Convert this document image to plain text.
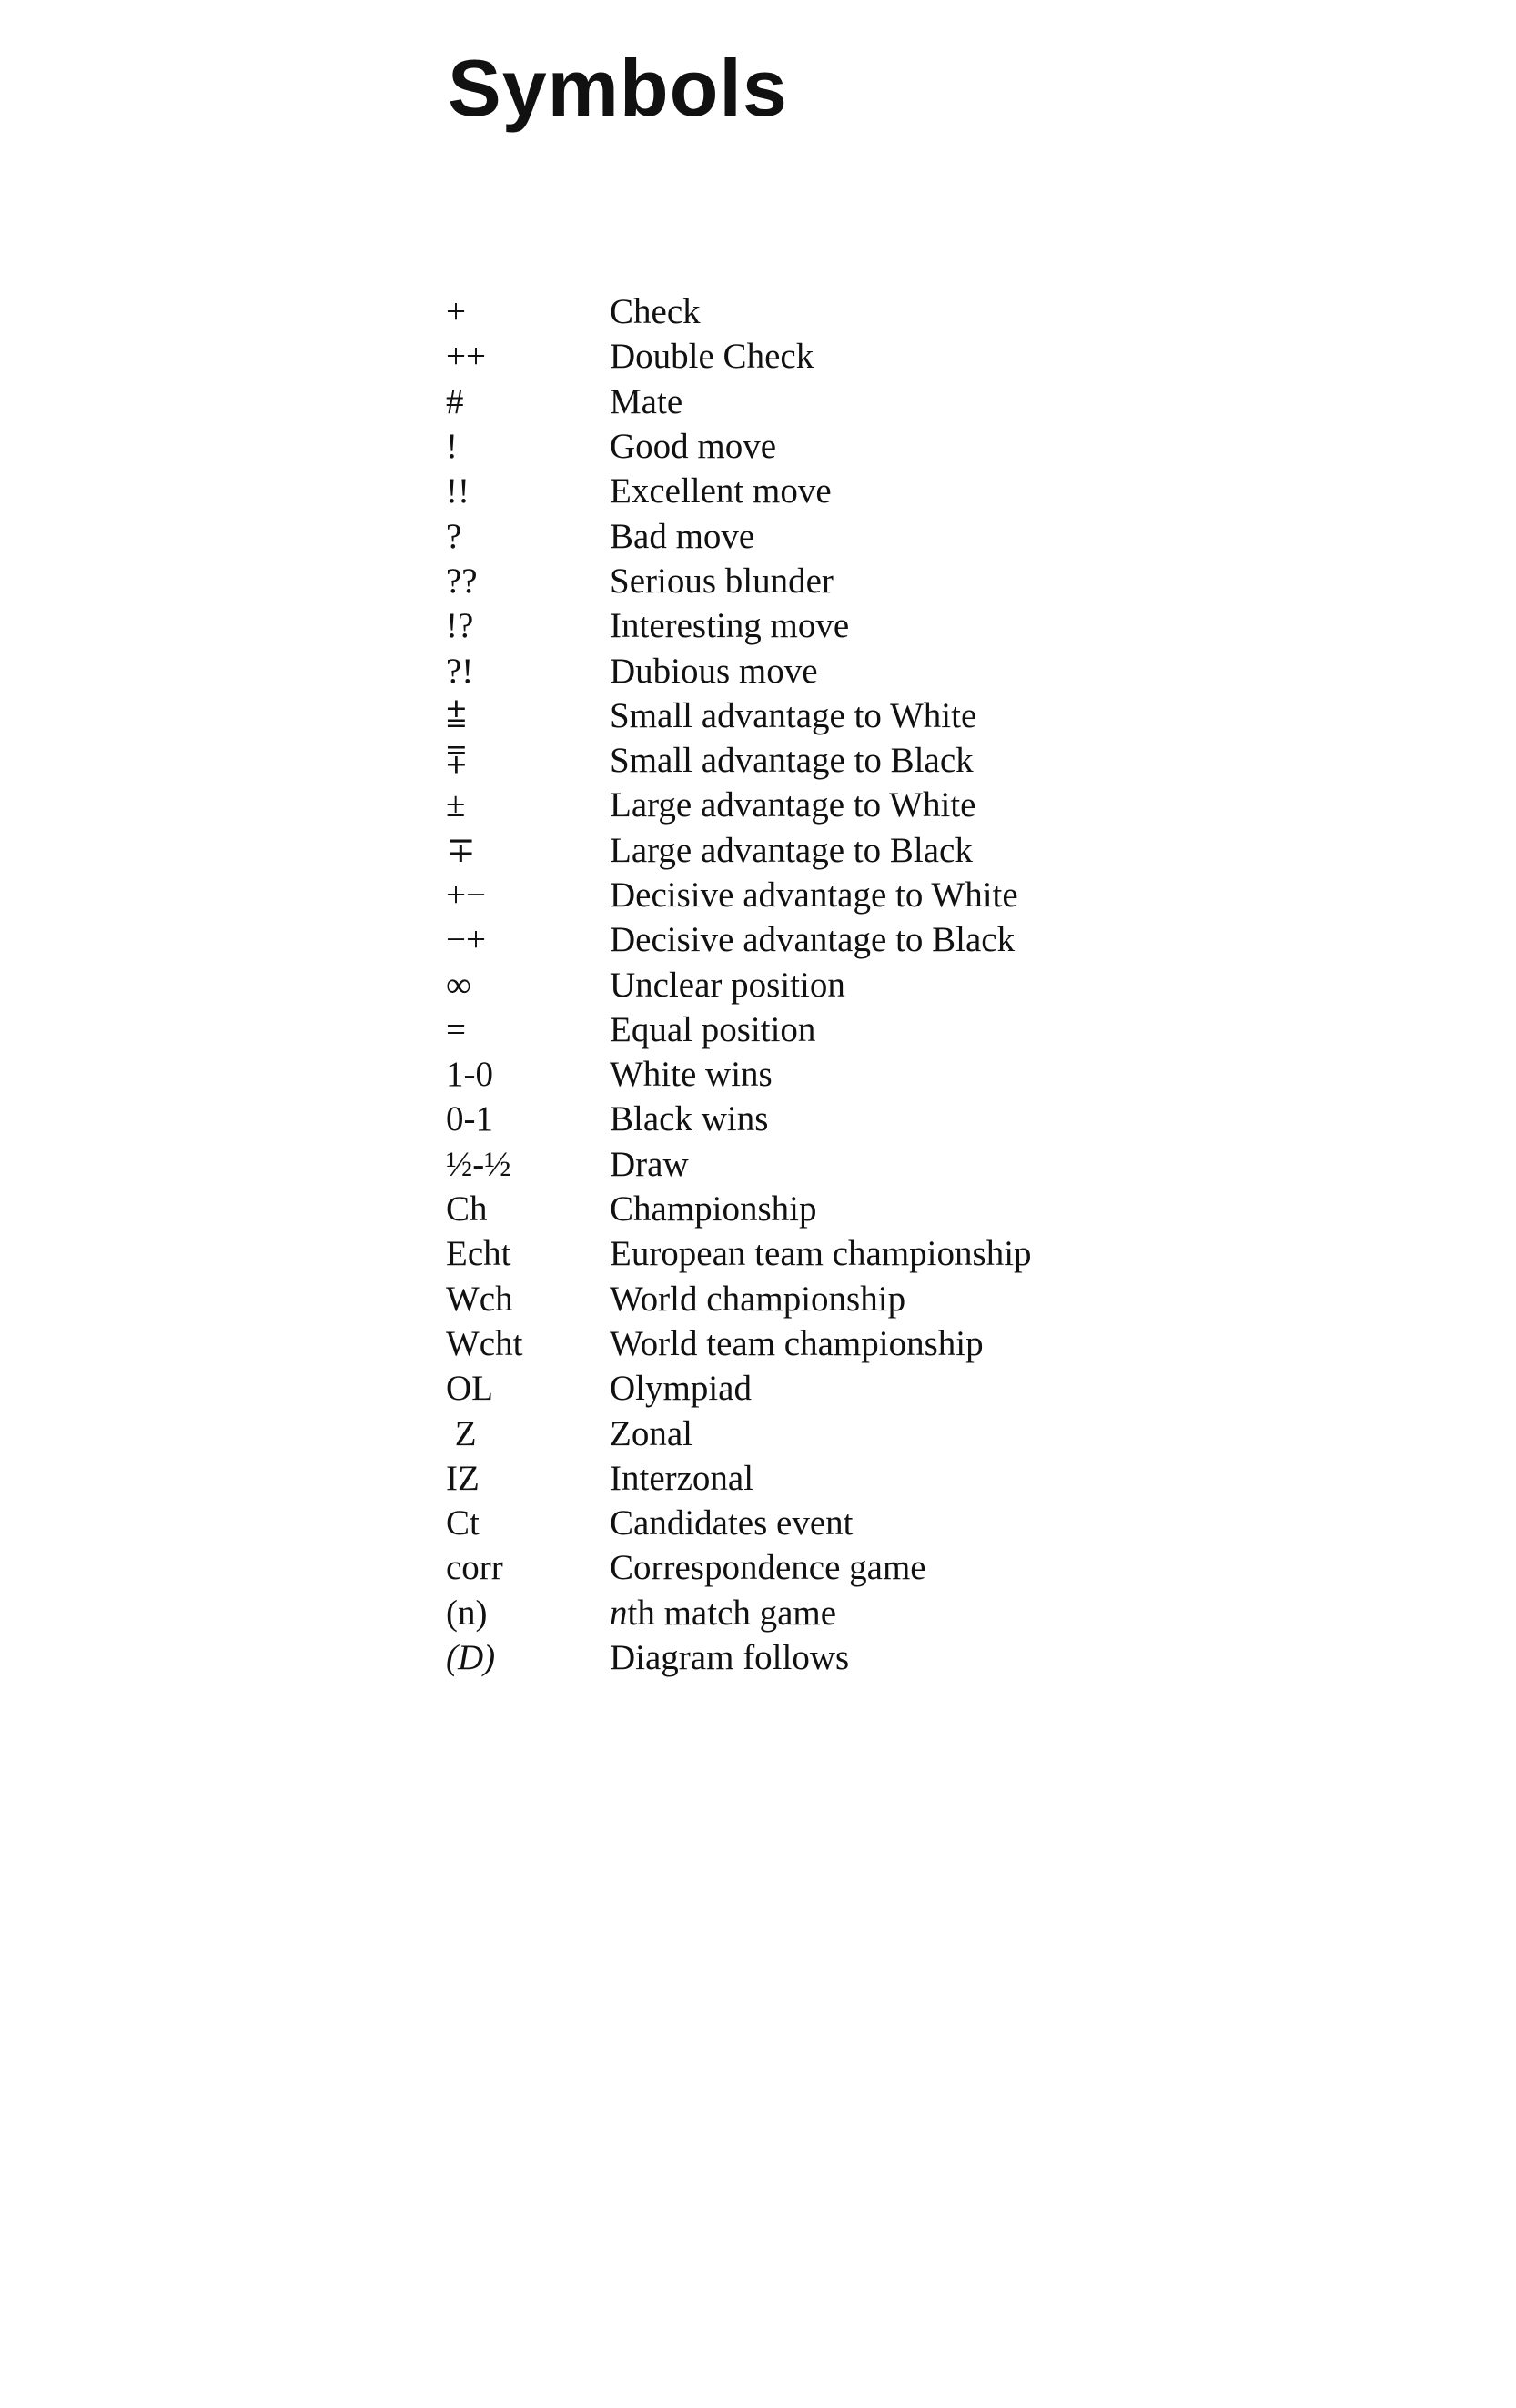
Symbols
+	Check
++	Double Check
#	Mate
!	Good move
!!	Excellent move
?	Bad move
??	Serious blunder
!?	Interesting move
?!	Dubious move
⩲	Small advantage to White
⩱	Small advantage to Black
±	Large advantage to White
∓	Large advantage to Black
+−	Decisive advantage to White
−+	Decisive advantage to Black
∞	Unclear position
=	Equal position
1-0	White wins
0-1	Black wins
½-½	Draw
Ch	Championship
Echt	European team championship
Wch	World championship
Wcht	World team championship
OL	Olympiad
Z	Zonal
IZ	Interzonal
Ct	Candidates event
corr	Correspondence game
(n)	nth match game
(D)	Diagram follows
